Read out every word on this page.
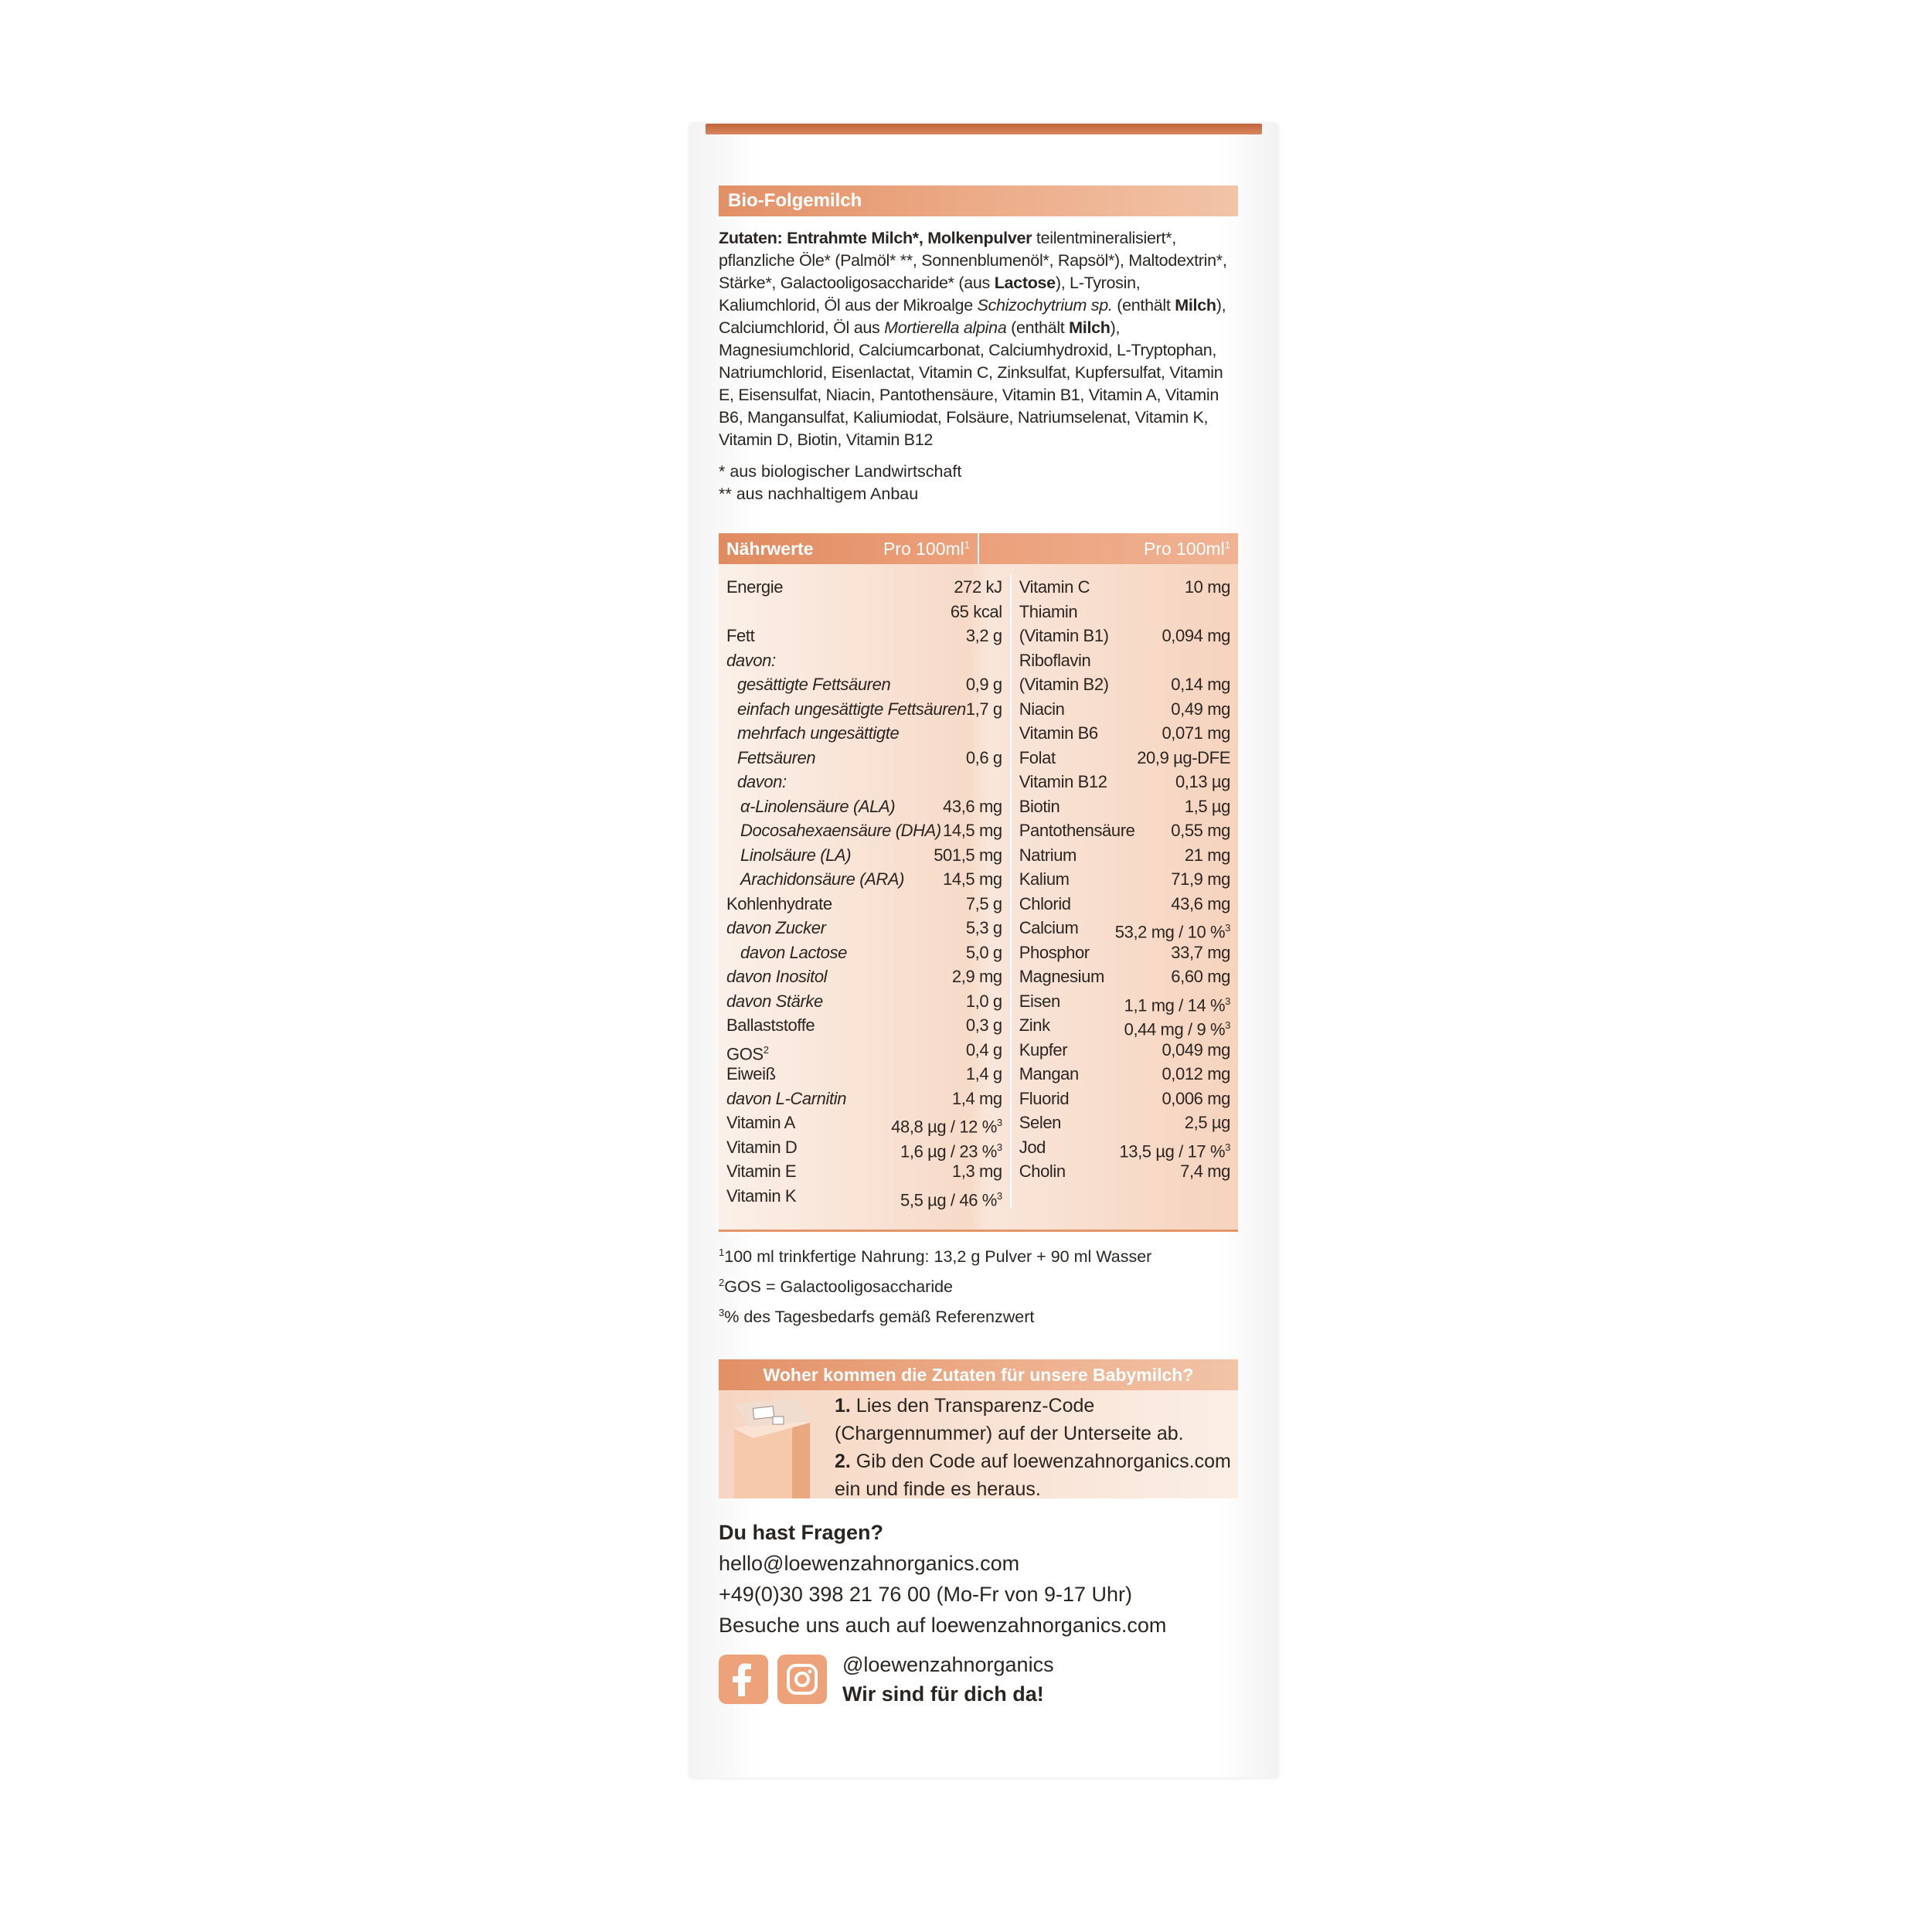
Bio-Folgemilch
Zutaten: Entrahmte Milch*, Molkenpulver teilentmineralisiert*, pflanzliche Öle* (Palmöl* **, Sonnenblumenöl*, Rapsöl*), Maltodextrin*, Stärke*, Galactooligosaccharide* (aus Lactose), L-Tyrosin, Kaliumchlorid, Öl aus der Mikroalge Schizochytrium sp. (enthält Milch), Calciumchlorid, Öl aus Mortierella alpina (enthält Milch), Magnesiumchlorid, Calciumcarbonat, Calciumhydroxid, L-Tryptophan, Natriumchlorid, Eisenlactat, Vitamin C, Zinksulfat, Kupfersulfat, Vitamin E, Eisensulfat, Niacin, Pantothensäure, Vitamin B1, Vitamin A, Vitamin B6, Mangansulfat, Kaliumiodat, Folsäure, Natriumselenat, Vitamin K, Vitamin D, Biotin, Vitamin B12
* aus biologischer Landwirtschaft
** aus nachhaltigem Anbau
Nährwerte	Pro $100ml^1$	Pro $100ml^1$
Energie	272 kJ
65 kcal
Fett	3,2 g
davon:
gesättigte Fettsäuren	0,9 g
einfach ungesättigte Fettsäuren 1,7 g
mehrfach ungesättigte
Fettsäuren	0,6 g
davon:
α-Linolensäure (ALA)	43,6 mg
Docosahexaensäure (DHA) 14,5 mg
Linolsäure (LA)	501,5 mg
Arachidonsäure (ARA) 14,5 mg
Kohlenhydrate	7,5 g
davon Zucker	5,3 g
davon Lactose	5,0 g
davon Inositol	2,9 mg
davon Stärke	1,0 g
Ballaststoffe	0,3 g
GOS$^2$	0,4 g
Eiweiß	1,4 g
davon L-Carnitin	1,4 mg
Vitamin A	48,8 µg / 12 %$^3$
Vitamin D	1,6 µg / 23 %$^3$
Vitamin E	1,3 mg
Vitamin K	5,5 µg / 46 %$^3$
Vitamin C	10 mg
Thiamin
(Vitamin B1)	0,094 mg
Riboflavin
(Vitamin B2)	0,14 mg
Niacin	0,49 mg
Vitamin B6	0,071 mg
Folat	20,9 µg-DFE
Vitamin B12	0,13 µg
Biotin	1,5 µg
Pantothensäure 0,55 mg
Natrium	21 mg
Kalium	71,9 mg
Chlorid	43,6 mg
Calcium 53,2 mg / 10 %$^3$
Phosphor	33,7 mg
Magnesium	6,60 mg
Eisen	1,1 mg / 14 %$^3$
Zink	0,44 mg / 9 %$^3$
Kupfer	0,049 mg
Mangan	0,012 mg
Fluorid	0,006 mg
Selen	2,5 µg
Jod	13,5 µg / 17 %$^3$
Cholin	7,4 mg
$^1$100 ml trinkfertige Nahrung: 13,2 g Pulver + 90 ml Wasser
$^2$GOS = Galactooligosaccharide
$^3$% des Tagesbedarfs gemäß Referenzwert
Woher kommen die Zutaten für unsere Babymilch?
1. Lies den Transparenz-Code (Chargennummer) auf der Unterseite ab.
2. Gib den Code auf loewenzahnorganics.com ein und finde es heraus.
Du hast Fragen?
hello@loewenzahnorganics.com
+49(0)30 398 21 76 00 (Mo-Fr von 9-17 Uhr)
Besuche uns auch auf loewenzahnorganics.com
@loewenzahnorganics
Wir sind für dich da!
